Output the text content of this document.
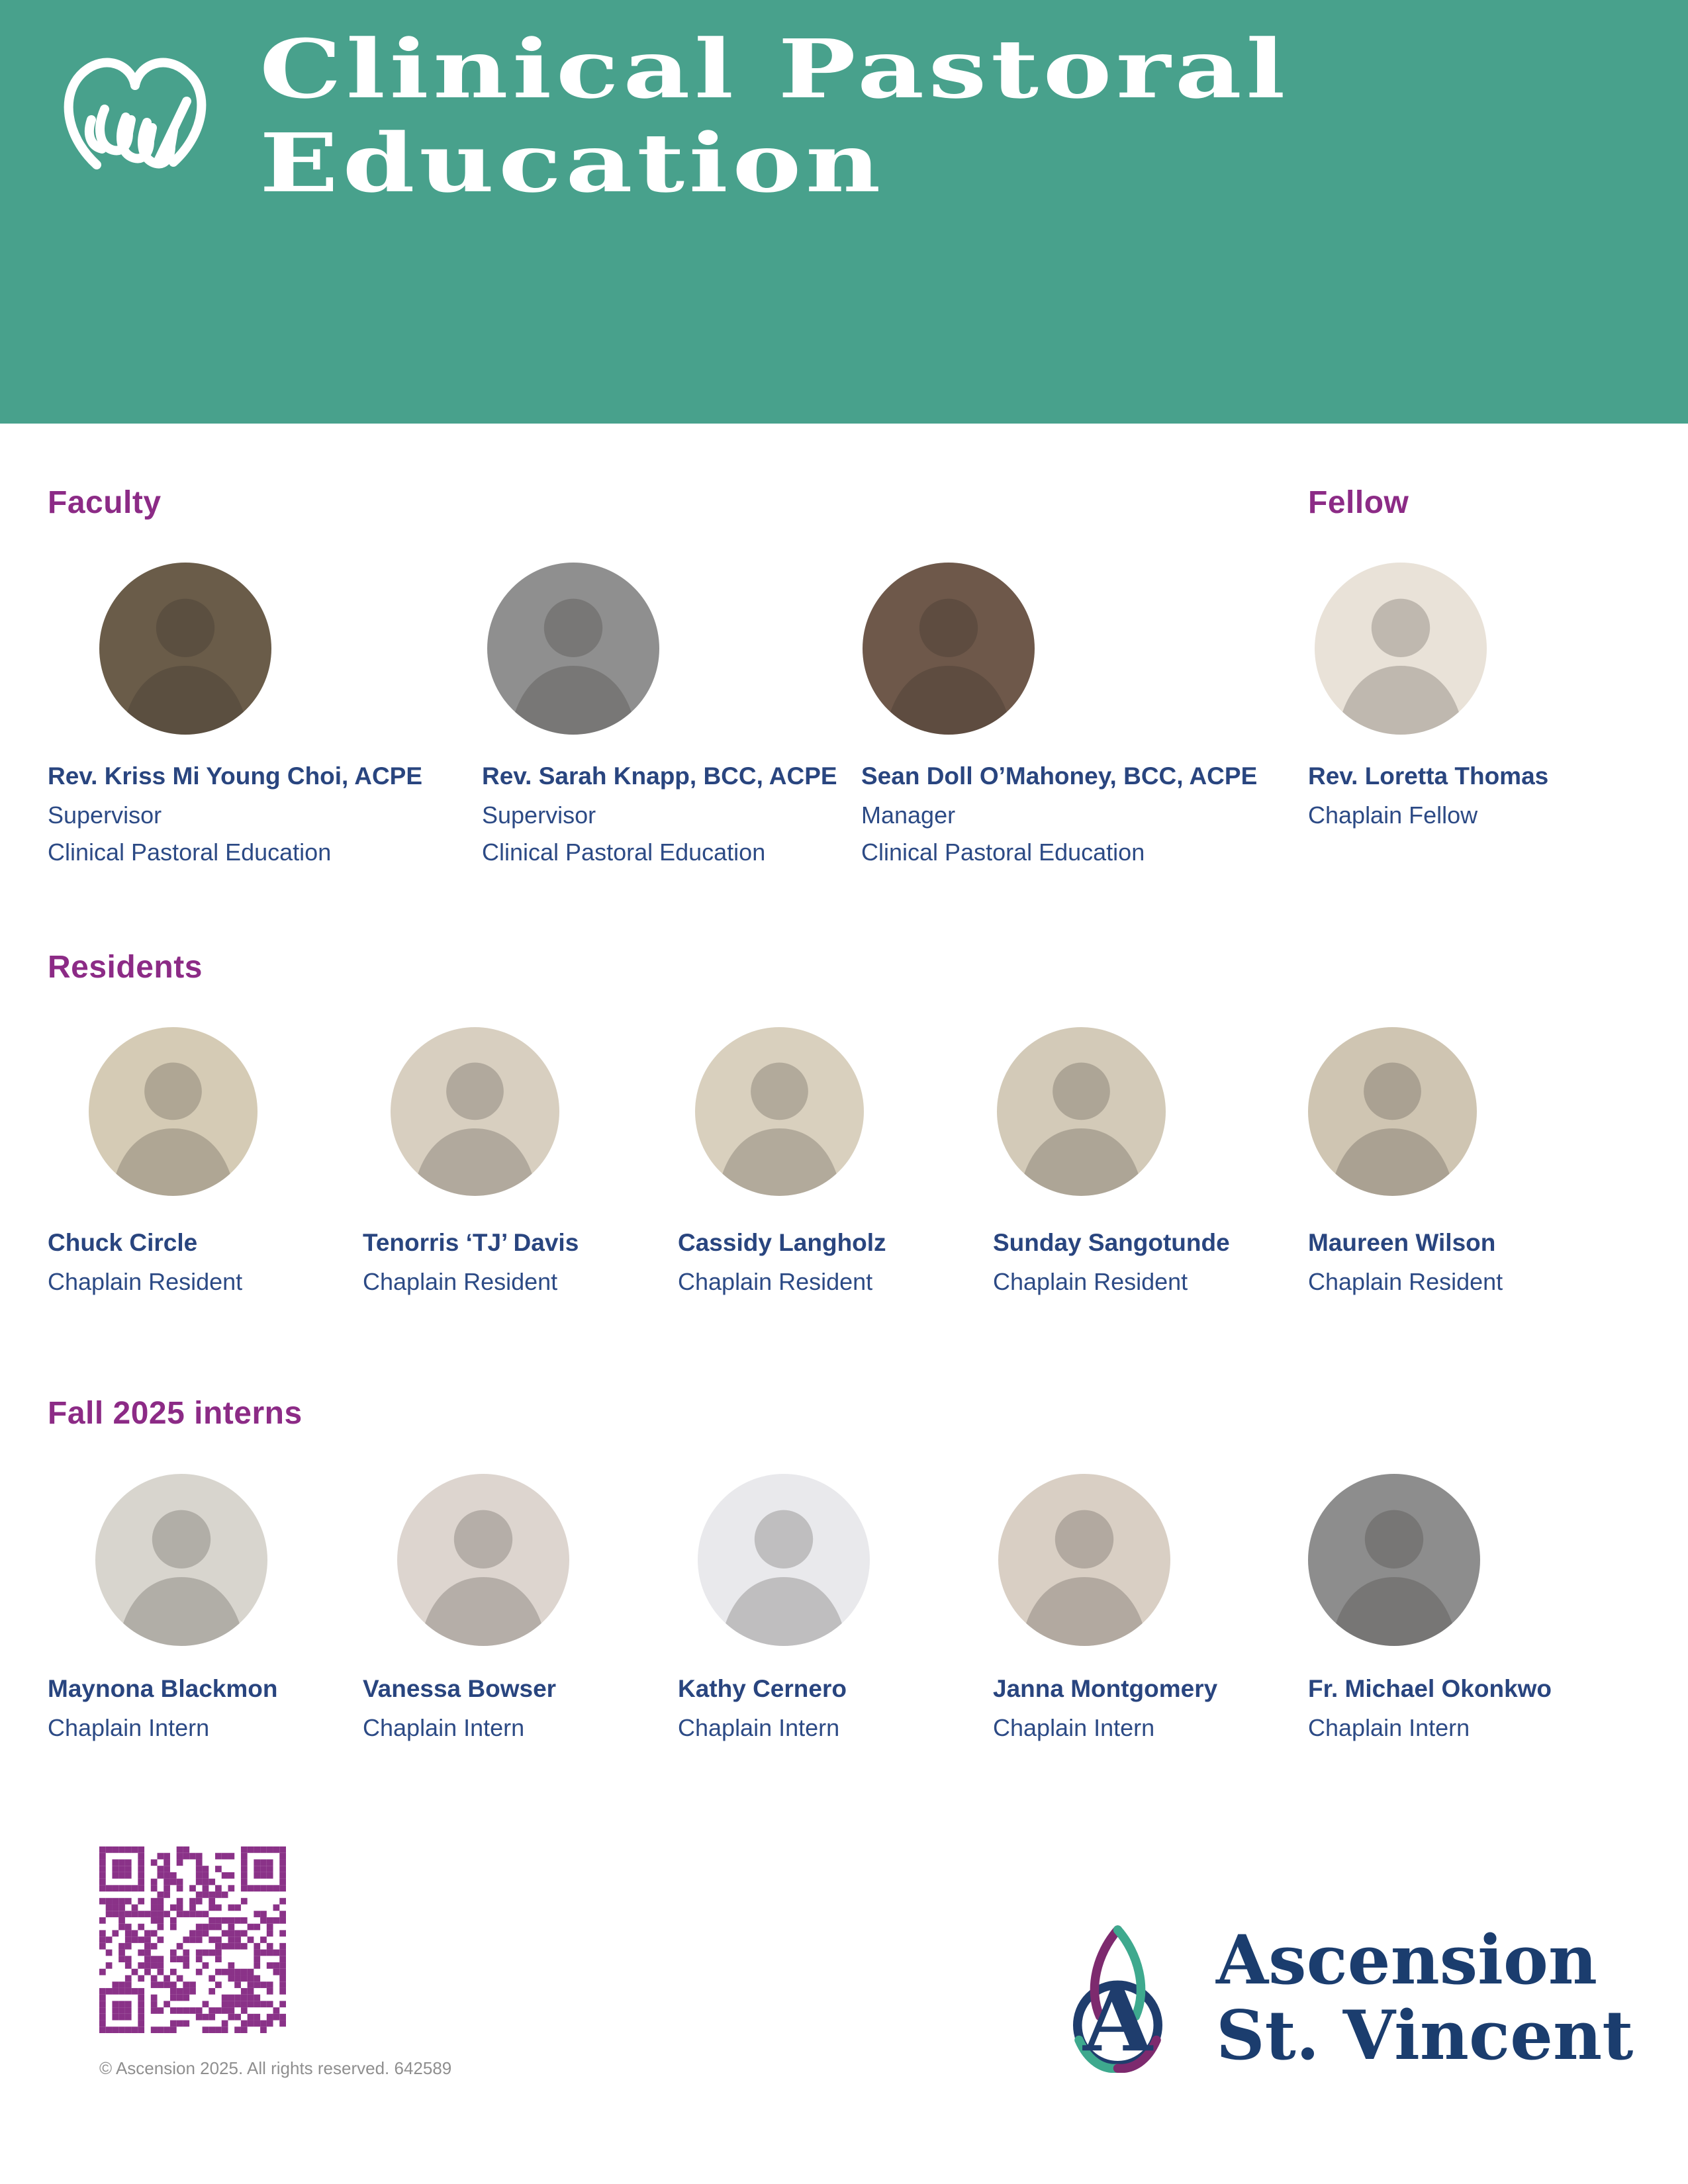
Clinical Pastoral
Education
Faculty	Fellow
Residents
Fall 2025 interns
Rev. Kriss Mi Young Choi, ACPE
Supervisor
Clinical Pastoral Education
Rev. Sarah Knapp, BCC, ACPE
Supervisor
Clinical Pastoral Education
Sean Doll O’Mahoney, BCC, ACPE
Manager
Clinical Pastoral Education
Rev. Loretta Thomas
Chaplain Fellow
Chuck Circle
Chaplain Resident
Tenorris ‘TJ’ Davis
Chaplain Resident
Cassidy Langholz
Chaplain Resident
Sunday Sangotunde
Chaplain Resident
Maureen Wilson
Chaplain Resident
Maynona Blackmon
Chaplain Intern
Vanessa Bowser
Chaplain Intern
Kathy Cernero
Chaplain Intern
Janna Montgomery
Chaplain Intern
Fr. Michael Okonkwo
Chaplain Intern
© Ascension 2025. All rights reserved. 642589	A
Ascension
St. Vincent
